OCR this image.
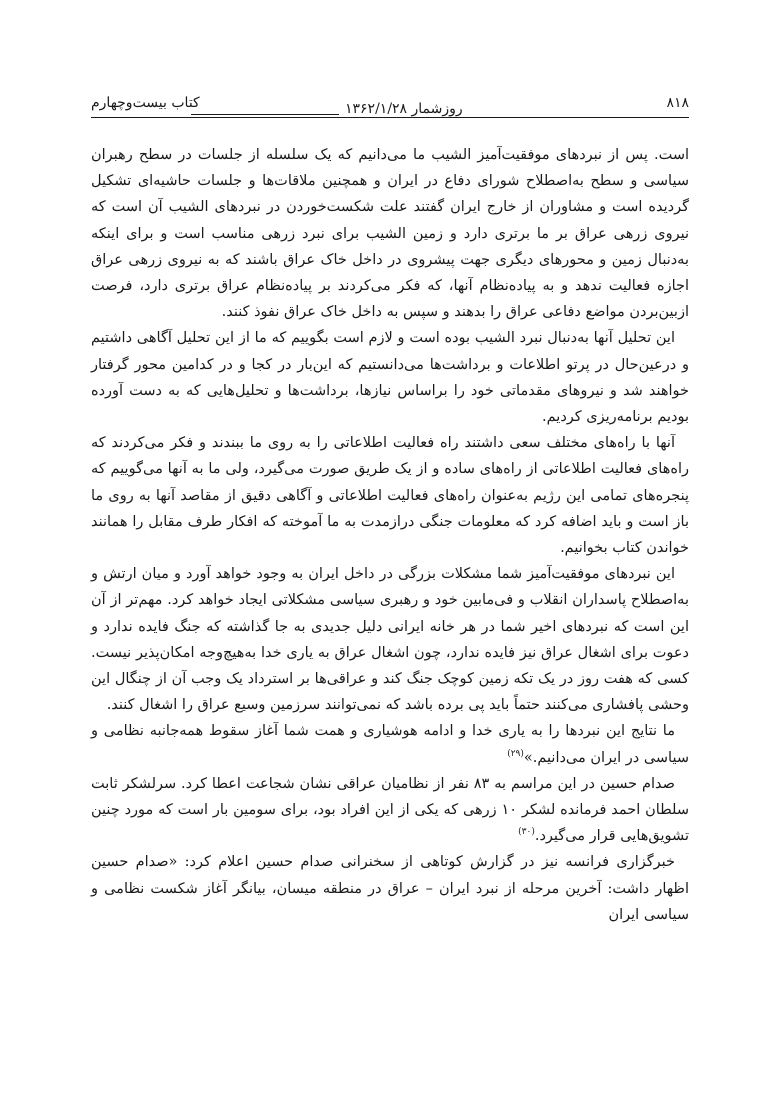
۸۱۸
روزشمار ۱۳۶۲/۱/۲۸
کتاب بیست‌وچهارم

است. پس از نبردهای موفقیت‌آمیز الشیب ما می‌دانیم که یک سلسله از جلسات در سطح رهبران سیاسی و سطح به‌اصطلاح شورای دفاع در ایران و همچنین ملاقات‌ها و جلسات حاشیه‌ای تشکیل گردیده است و مشاوران از خارج ایران گفتند علت شکست‌خوردن در نبردهای الشیب آن است که نیروی زرهی عراق بر ما برتری دارد و زمین الشیب برای نبرد زرهی مناسب است و برای اینکه به‌دنبال زمین و محورهای دیگری جهت پیشروی در داخل خاک عراق باشند که به نیروی زرهی عراق اجازه فعالیت ندهد و به پیاده‌نظام آنها، که فکر می‌کردند بر پیاده‌نظام عراق برتری دارد، فرصت ازبین‌بردن مواضع دفاعی عراق را بدهند و سپس به داخل خاک عراق نفوذ کنند.

این تحلیل آنها به‌دنبال نبرد الشیب بوده است و لازم است بگوییم که ما از این تحلیل آگاهی داشتیم و درعین‌حال در پرتو اطلاعات و برداشت‌ها می‌دانستیم که این‌بار در کجا و در کدامین محور گرفتار خواهند شد و نیروهای مقدماتی خود را براساس نیازها، برداشت‌ها و تحلیل‌هایی که به دست آورده بودیم برنامه‌ریزی کردیم.

آنها با راه‌های مختلف سعی داشتند راه فعالیت اطلاعاتی را به روی ما ببندند و فکر می‌کردند که راه‌های فعالیت اطلاعاتی از راه‌های ساده و از یک طریق صورت می‌گیرد، ولی ما به آنها می‌گوییم که پنجره‌های تمامی این رژیم به‌عنوان راه‌های فعالیت اطلاعاتی و آگاهی دقیق از مقاصد آنها به روی ما باز است و باید اضافه کرد که معلومات جنگی درازمدت به ما آموخته که افکار طرف مقابل را همانند خواندن کتاب بخوانیم.

این نبردهای موفقیت‌آمیز شما مشکلات بزرگی در داخل ایران به وجود خواهد آورد و میان ارتش و به‌اصطلاح پاسداران انقلاب و فی‌مابین خود و رهبری سیاسی مشکلاتی ایجاد خواهد کرد. مهم‌تر از آن این است که نبردهای اخیر شما در هر خانه ایرانی دلیل جدیدی به جا گذاشته که جنگ فایده ندارد و دعوت برای اشغال عراق نیز فایده ندارد، چون اشغال عراق به یاری خدا به‌هیچ‌وجه امکان‌پذیر نیست. کسی که هفت روز در یک تکه زمین کوچک جنگ کند و عراقی‌ها بر استرداد یک وجب آن از چنگال این وحشی پافشاری می‌کنند حتماً باید پی برده باشد که نمی‌توانند سرزمین وسیع عراق را اشغال کنند.

ما نتایج این نبردها را به یاری خدا و ادامه هوشیاری و همت شما آغاز سقوط همه‌جانبه نظامی و سیاسی در ایران می‌دانیم.»$^{(۲۹)}$

صدام حسین در این مراسم به ۸۳ نفر از نظامیان عراقی نشان شجاعت اعطا کرد. سرلشکر ثابت سلطان احمد فرمانده لشکر ۱۰ زرهی که یکی از این افراد بود، برای سومین بار است که مورد چنین تشویق‌هایی قرار می‌گیرد.$^{(۳۰)}$

خبرگزاری فرانسه نیز در گزارش کوتاهی از سخنرانی صدام حسین اعلام کرد: «صدام حسین اظهار داشت: آخرین مرحله از نبرد ایران – عراق در منطقه میسان، بیانگر آغاز شکست نظامی و سیاسی ایران
